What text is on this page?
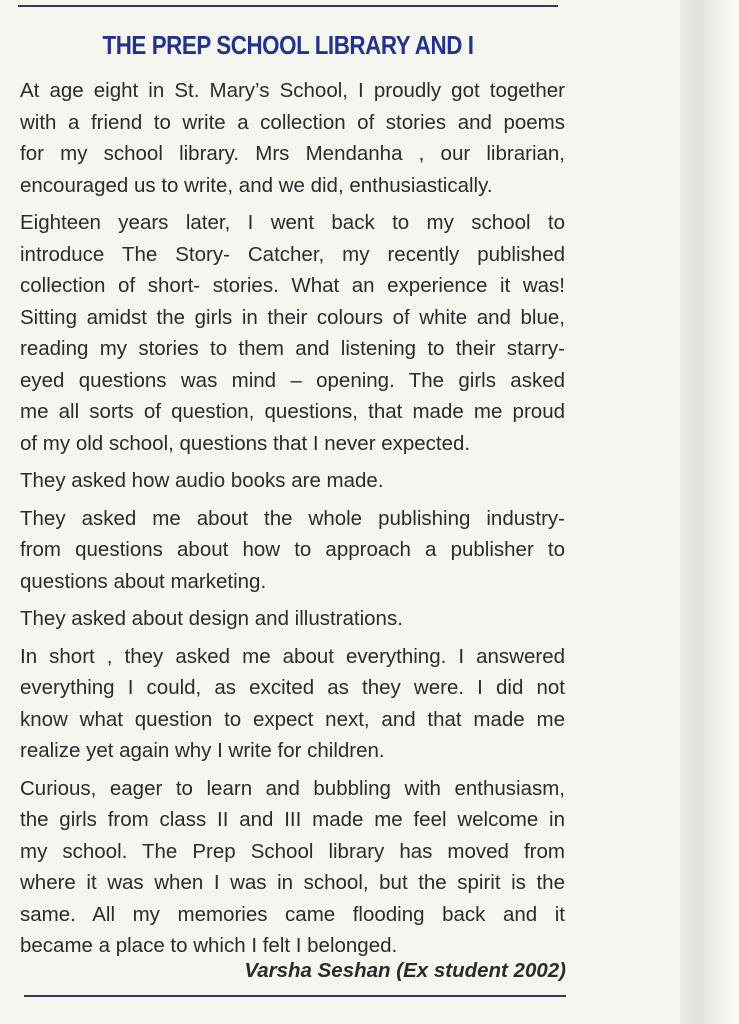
THE PREP SCHOOL LIBRARY AND I

At age eight in St. Mary’s School, I proudly got together
with a friend to write a collection of stories and poems
for my school library. Mrs Mendanha , our librarian,
encouraged us to write, and we did, enthusiastically.

Eighteen years later, I went back to my school to
introduce The Story- Catcher, my recently published
collection of short- stories. What an experience it was!
Sitting amidst the girls in their colours of white and blue,
reading my stories to them and listening to their starry-
eyed questions was mind – opening. The girls asked
me all sorts of question, questions, that made me proud
of my old school, questions that I never expected.

They asked how audio books are made.

They asked me about the whole publishing industry-
from questions about how to approach a publisher to
questions about marketing.

They asked about design and illustrations.

In short , they asked me about everything. I answered
everything I could, as excited as they were. I did not
know what question to expect next, and that made me
realize yet again why I write for children.

Curious, eager to learn and bubbling with enthusiasm,
the girls from class II and III made me feel welcome in
my school. The Prep School library has moved from
where it was when I was in school, but the spirit is the
same. All my memories came flooding back and it
became a place to which I felt I belonged.

Varsha Seshan (Ex student 2002)
